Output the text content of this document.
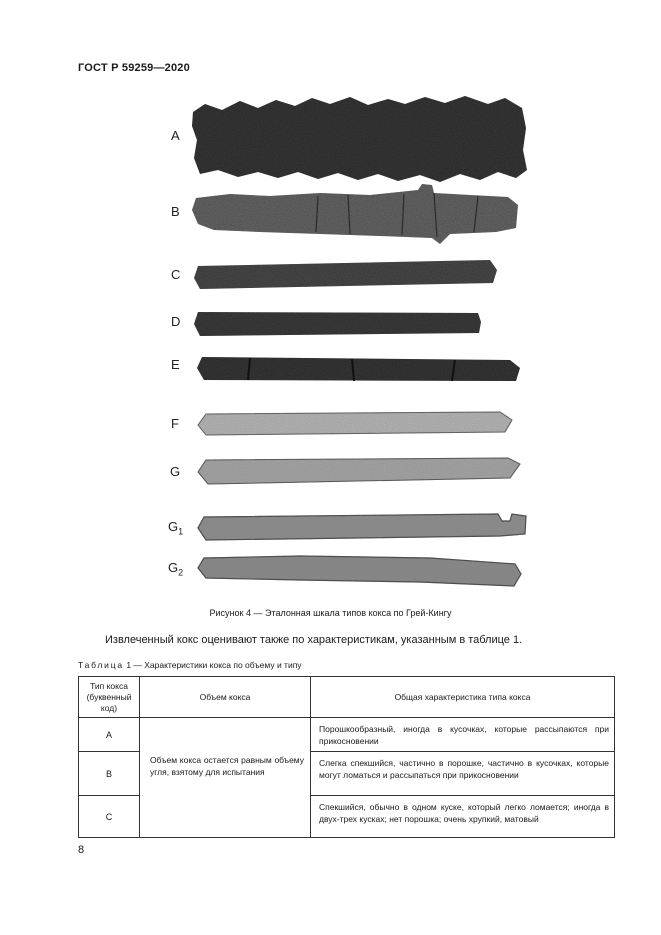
ГОСТ Р 59259—2020
A
B
C
D
E
F
G
$G_1$
$G_2$
Рисунок 4 — Эталонная шкала типов кокса по Грей-Кингу
Извлеченный кокс оценивают также по характеристикам, указанным в таблице 1.
Таблица 1 — Характеристики кокса по объему и типу
Тип кокса (буквенный код)	Объем кокса	Общая характеристика типа кокса
A	Объем кокса остается равным объему угля, взятому для испытания	Порошкообразный, иногда в кусочках, которые рассыпаются при прикосновении
B		Слегка спекшийся, частично в порошке, частично в кусочках, которые могут ломаться и рассыпаться при прикосновении
C		Спекшийся, обычно в одном куске, который легко ломается; иногда в двух-трех кусках; нет порошка; очень хрупкий, матовый
8
